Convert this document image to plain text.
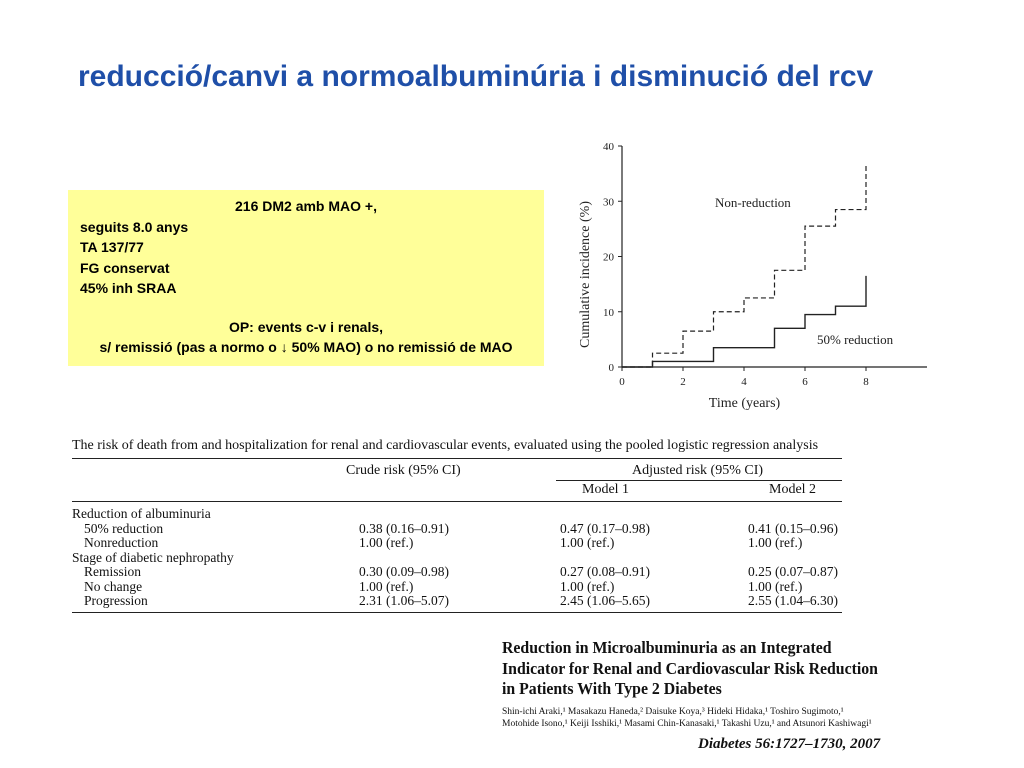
reducció/canvi a normoalbuminúria i disminució del rcv
216 DM2 amb MAO +,
seguits 8.0 anys
TA 137/77
FG conservat
45% inh SRAA
OP: events c-v i renals,
s/ remissió (pas a normo o ↓ 50% MAO) o no remissió de MAO
0
10
20
30
40
0	2	4	6	8
Time (years)
Cumulative incidence (%)	Non-reduction
50% reduction
The risk of death from and hospitalization for renal and cardiovascular events, evaluated using the pooled logistic regression analysis
Crude risk (95% CI)	Adjusted risk (95% CI)
Model 1	Model 2
Reduction of albuminuria
50% reduction	0.38 (0.16–0.91)	0.47 (0.17–0.98)	0.41 (0.15–0.96)
Nonreduction	1.00 (ref.)	1.00 (ref.)	1.00 (ref.)
Stage of diabetic nephropathy
Remission	0.30 (0.09–0.98)	0.27 (0.08–0.91)	0.25 (0.07–0.87)
No change	1.00 (ref.)	1.00 (ref.)	1.00 (ref.)
Progression	2.31 (1.06–5.07)	2.45 (1.06–5.65)	2.55 (1.04–6.30)
Reduction in Microalbuminuria as an Integrated
Indicator for Renal and Cardiovascular Risk Reduction
in Patients With Type 2 Diabetes
Shin-ichi Araki,¹ Masakazu Haneda,² Daisuke Koya,³ Hideki Hidaka,¹ Toshiro Sugimoto,¹
Motohide Isono,¹ Keiji Isshiki,¹ Masami Chin-Kanasaki,¹ Takashi Uzu,¹ and Atsunori Kashiwagi¹
Diabetes 56:1727–1730, 2007
